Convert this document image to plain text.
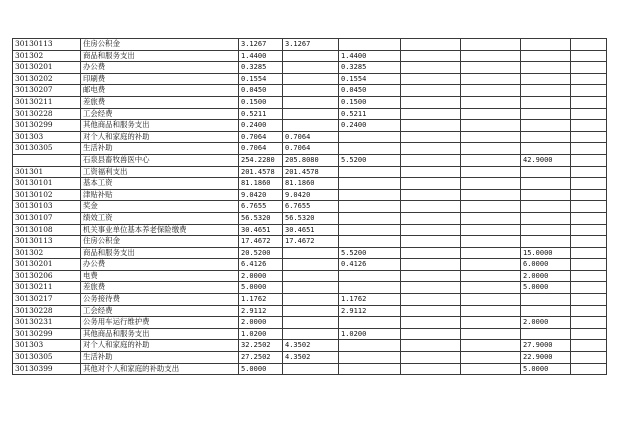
30130113	住房公积金	3.1267	3.1267					
301302	商品和服务支出	1.4400		1.4400				
30130201	办公费	0.3285		0.3285				
30130202	印刷费	0.1554		0.1554				
30130207	邮电费	0.0450		0.0450				
30130211	差旅费	0.1500		0.1500				
30130228	工会经费	0.5211		0.5211				
30130299	其他商品和服务支出	0.2400		0.2400				
301303	对个人和家庭的补助	0.7064	0.7064					
30130305	生活补助	0.7064	0.7064					
	石泉县畜牧兽医中心	254.2280	205.8080	5.5200			42.9000	
301301	工资福利支出	201.4578	201.4578					
30130101	基本工资	81.1860	81.1860					
30130102	津贴补贴	9.0420	9.0420					
30130103	奖金	6.7655	6.7655					
30130107	绩效工资	56.5320	56.5320					
30130108	机关事业单位基本养老保险缴费	30.4651	30.4651					
30130113	住房公积金	17.4672	17.4672					
301302	商品和服务支出	20.5200		5.5200			15.0000	
30130201	办公费	6.4126		0.4126			6.0000	
30130206	电费	2.0000					2.0000	
30130211	差旅费	5.0000					5.0000	
30130217	公务接待费	1.1762		1.1762				
30130228	工会经费	2.9112		2.9112				
30130231	公务用车运行维护费	2.0000					2.0000	
30130299	其他商品和服务支出	1.0200		1.0200				
301303	对个人和家庭的补助	32.2502	4.3502				27.9000	
30130305	生活补助	27.2502	4.3502				22.9000	
30130399	其他对个人和家庭的补助支出	5.0000					5.0000	
